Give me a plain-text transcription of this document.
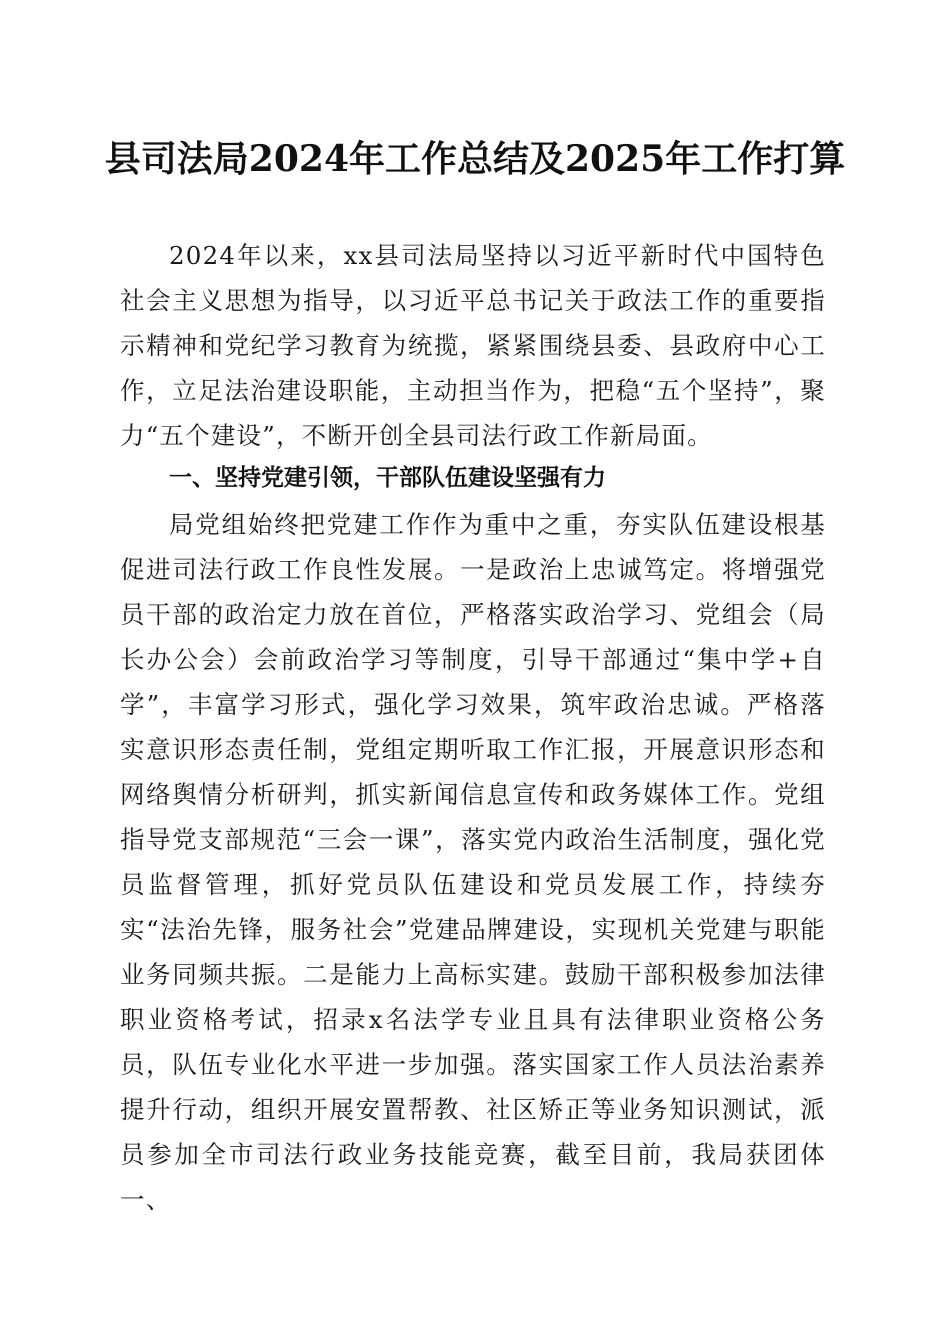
县司法局2024年工作总结及2025年工作打算

2024年以来，xx县司法局坚持以习近平新时代中国特色社会主义思想为指导，以习近平总书记关于政法工作的重要指示精神和党纪学习教育为统揽，紧紧围绕县委、县政府中心工作，立足法治建设职能，主动担当作为，把稳“五个坚持”，聚力“五个建设”，不断开创全县司法行政工作新局面。

一、坚持党建引领，干部队伍建设坚强有力

局党组始终把党建工作作为重中之重，夯实队伍建设根基促进司法行政工作良性发展。一是政治上忠诚笃定。将增强党员干部的政治定力放在首位，严格落实政治学习、党组会（局长办公会）会前政治学习等制度，引导干部通过“集中学+自学”，丰富学习形式，强化学习效果，筑牢政治忠诚。严格落实意识形态责任制，党组定期听取工作汇报，开展意识形态和网络舆情分析研判，抓实新闻信息宣传和政务媒体工作。党组指导党支部规范“三会一课”，落实党内政治生活制度，强化党员监督管理，抓好党员队伍建设和党员发展工作，持续夯实“法治先锋，服务社会”党建品牌建设，实现机关党建与职能业务同频共振。二是能力上高标实建。鼓励干部积极参加法律职业资格考试，招录x名法学专业且具有法律职业资格公务员，队伍专业化水平进一步加强。落实国家工作人员法治素养提升行动，组织开展安置帮教、社区矫正等业务知识测试，派员参加全市司法行政业务技能竞赛，截至目前，我局获团体一、
